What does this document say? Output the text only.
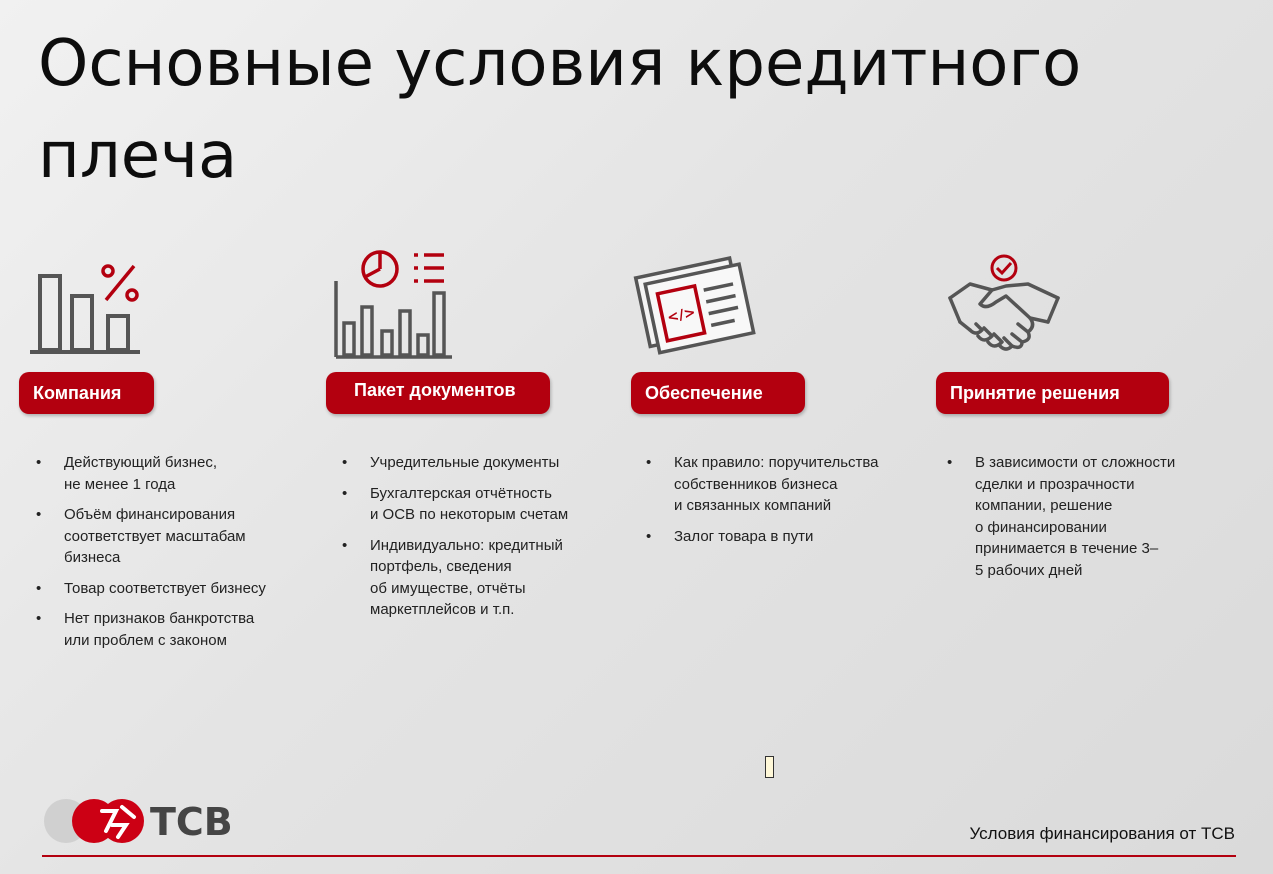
Основные условия кредитного плеча
Компания
• Действующий бизнес,
не менее 1 года
• Объём финансирования
соответствует масштабам
бизнеса
• Товар соответствует бизнесу
• Нет признаков банкротства
или проблем с законом
Пакет документов
• Учредительные документы
• Бухгалтерская отчётность
и ОСВ по некоторым счетам
• Индивидуально: кредитный
портфель, сведения
об имуществе, отчёты
маркетплейсов и т.п.
</>
Обеспечение
• Как правило: поручительства
собственников бизнеса
и связанных компаний
• Залог товара в пути
Принятие решения
• В зависимости от сложности
сделки и прозрачности
компании, решение
о финансировании
принимается в течение 3–
5 рабочих дней
TCB	Условия финансирования от ТСВ
